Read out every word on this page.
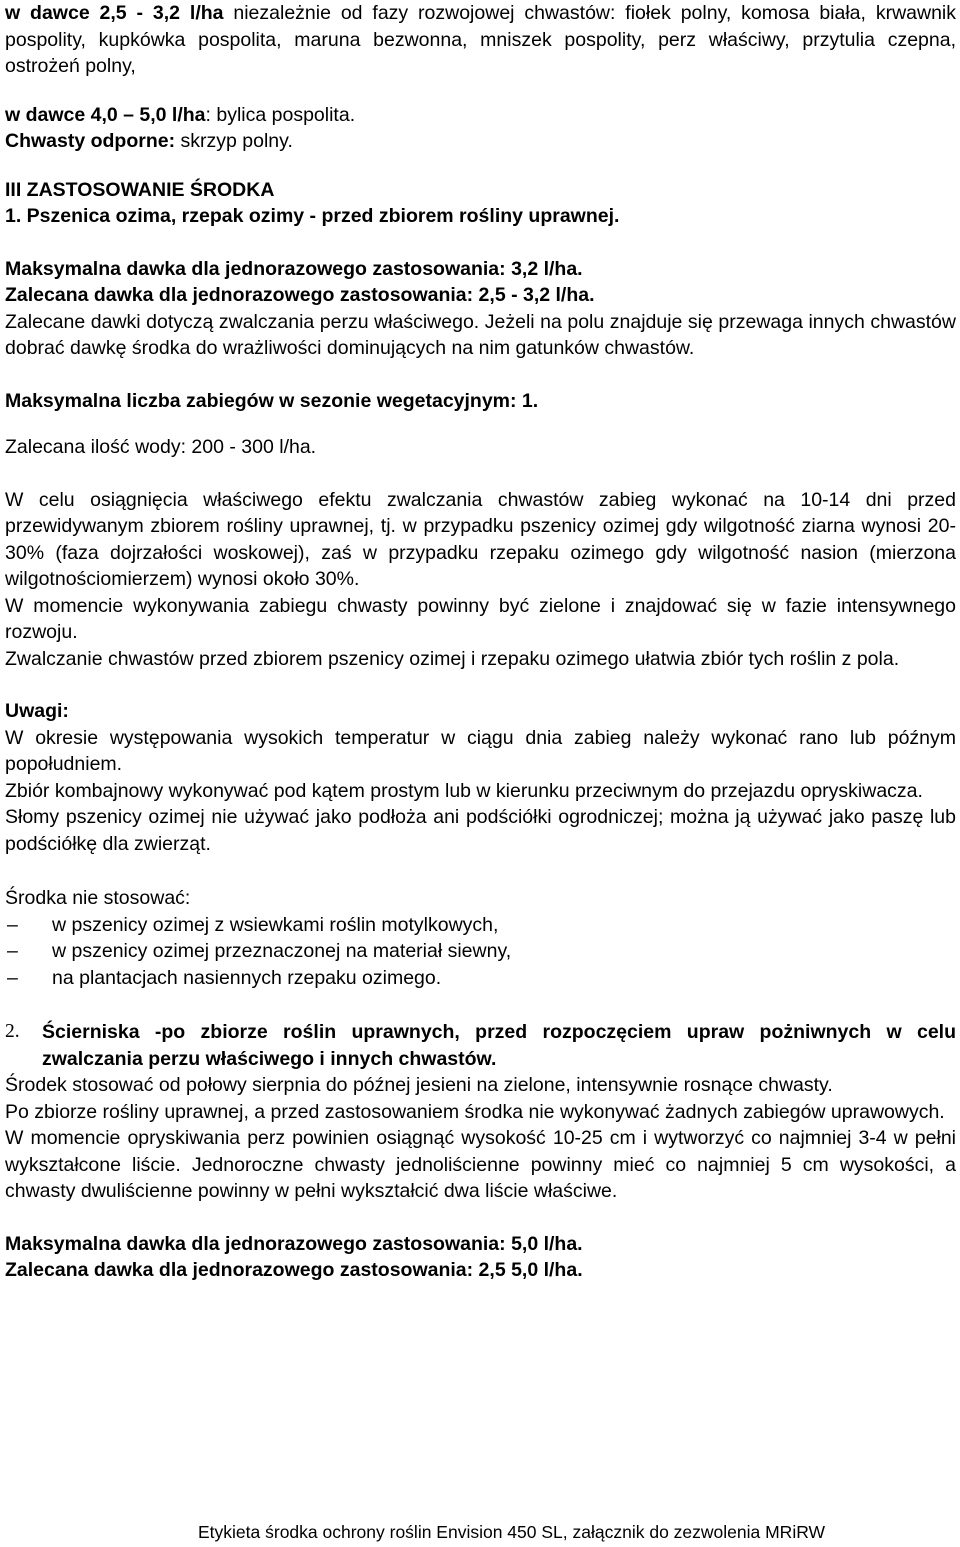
w dawce 2,5 - 3,2 l/ha niezależnie od fazy rozwojowej chwastów: fiołek polny, komosa biała, krwawnik pospolity, kupkówka pospolita, maruna bezwonna, mniszek pospolity, perz właściwy, przytulia czepna, ostrożeń polny,

w dawce 4,0 – 5,0 l/ha: bylica pospolita.

Chwasty odporne: skrzyp polny.

III ZASTOSOWANIE ŚRODKA

1. Pszenica ozima, rzepak ozimy - przed zbiorem rośliny uprawnej.

Maksymalna dawka dla jednorazowego zastosowania: 3,2 l/ha.

Zalecana dawka dla jednorazowego zastosowania: 2,5 - 3,2 l/ha.

Zalecane dawki dotyczą zwalczania perzu właściwego. Jeżeli na polu znajduje się przewaga innych chwastów dobrać dawkę środka do wrażliwości dominujących na nim gatunków chwastów.

Maksymalna liczba zabiegów w sezonie wegetacyjnym: 1.

Zalecana ilość wody: 200 - 300 l/ha.

W celu osiągnięcia właściwego efektu zwalczania chwastów zabieg wykonać na 10-14 dni przed przewidywanym zbiorem rośliny uprawnej, tj. w przypadku pszenicy ozimej gdy wilgotność ziarna wynosi 20-30% (faza dojrzałości woskowej), zaś w przypadku rzepaku ozimego gdy wilgotność nasion (mierzona wilgotnościomierzem) wynosi około 30%.

W momencie wykonywania zabiegu chwasty powinny być zielone i znajdować się w fazie intensywnego rozwoju.

Zwalczanie chwastów przed zbiorem pszenicy ozimej i rzepaku ozimego ułatwia zbiór tych roślin z pola.

Uwagi:

W okresie występowania wysokich temperatur w ciągu dnia zabieg należy wykonać rano lub późnym popołudniem.

Zbiór kombajnowy wykonywać pod kątem prostym lub w kierunku przeciwnym do przejazdu opryskiwacza.

Słomy pszenicy ozimej nie używać jako podłoża ani podściółki ogrodniczej; można ją używać jako paszę lub podściółkę dla zwierząt.

Środka nie stosować:

– w pszenicy ozimej z wsiewkami roślin motylkowych,
– w pszenicy ozimej przeznaczonej na materiał siewny,
– na plantacjach nasiennych rzepaku ozimego.
2.	Ścierniska -po zbiorze roślin uprawnych, przed rozpoczęciem upraw pożniwnych w celu zwalczania perzu właściwego i innych chwastów.

Środek stosować od połowy sierpnia do późnej jesieni na zielone, intensywnie rosnące chwasty.

Po zbiorze rośliny uprawnej, a przed zastosowaniem środka nie wykonywać żadnych zabiegów uprawowych.

W momencie opryskiwania perz powinien osiągnąć wysokość 10-25 cm i wytworzyć co najmniej 3-4 w pełni wykształcone liście. Jednoroczne chwasty jednoliścienne powinny mieć co najmniej 5 cm wysokości, a chwasty dwuliścienne powinny w pełni wykształcić dwa liście właściwe.

Maksymalna dawka dla jednorazowego zastosowania: 5,0 l/ha.

Zalecana dawka dla jednorazowego zastosowania: 2,5 5,0 l/ha.

Etykieta środka ochrony roślin Envision 450 SL, załącznik do zezwolenia MRiRW
